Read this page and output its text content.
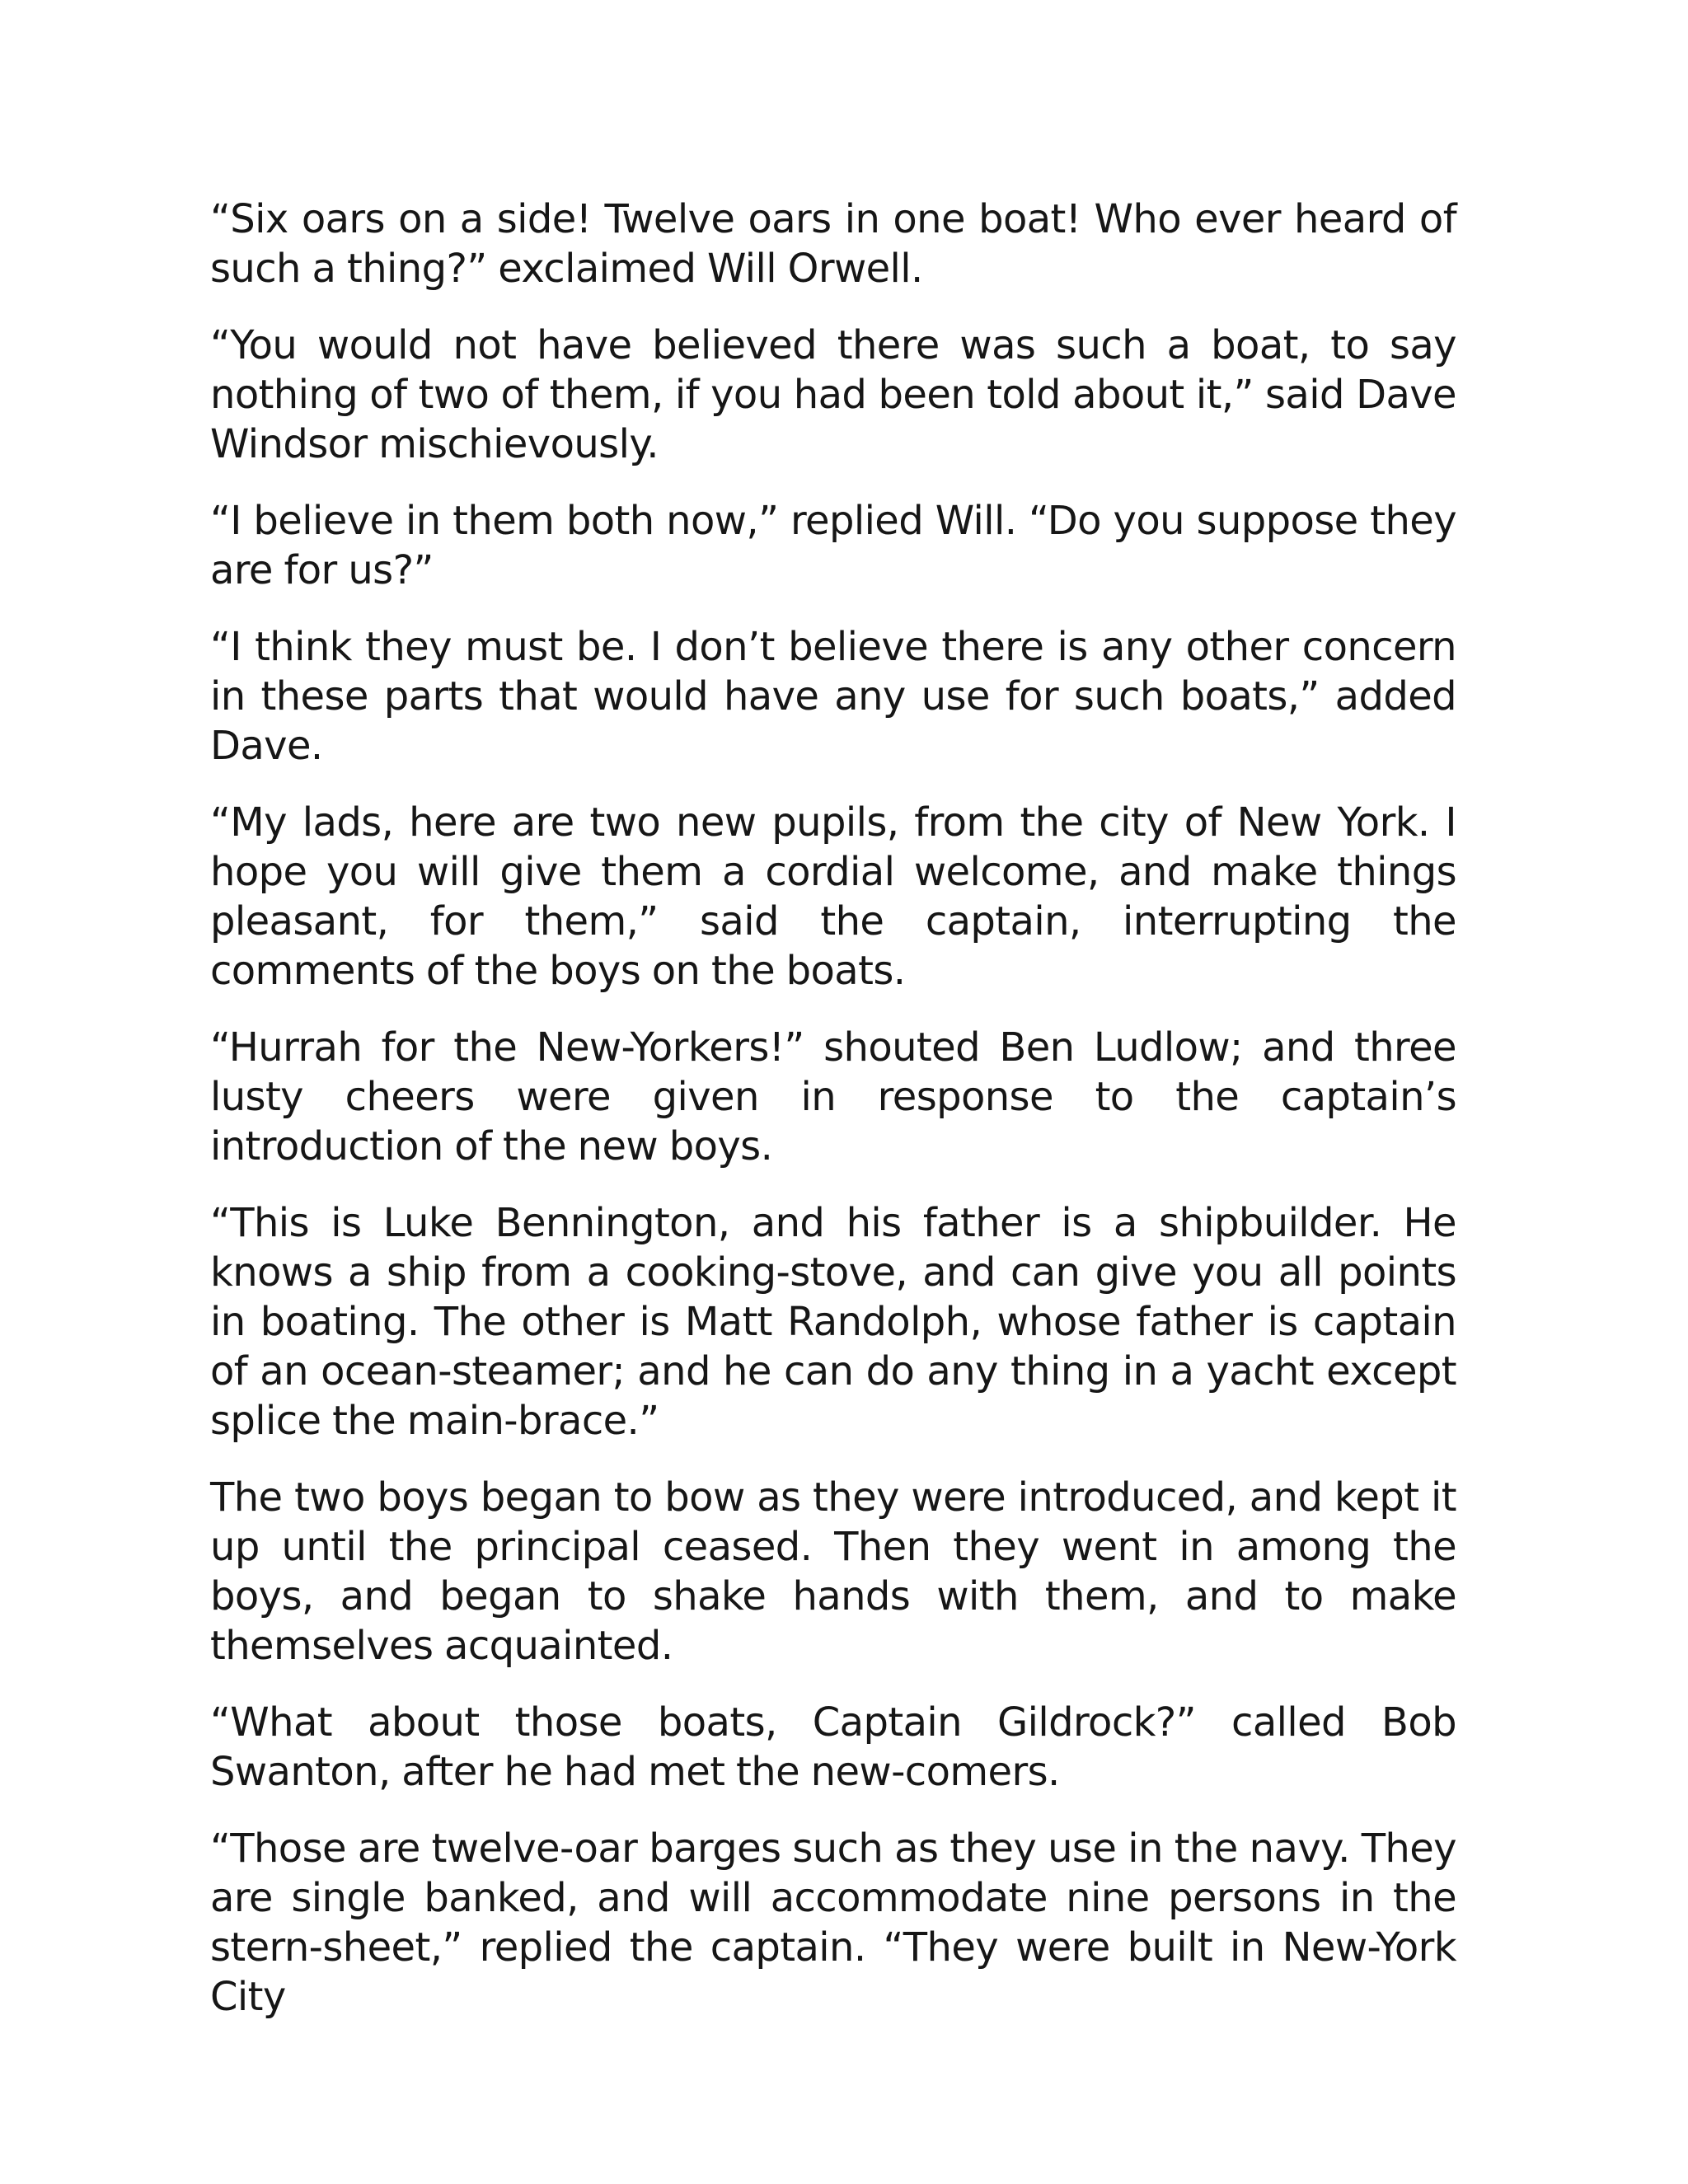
“Six oars on a side! Twelve oars in one boat! Who ever heard of such a thing?” exclaimed Will Orwell.

“You would not have believed there was such a boat, to say nothing of two of them, if you had been told about it,” said Dave Windsor mischievously.

“I believe in them both now,” replied Will. “Do you suppose they are for us?”

“I think they must be. I don’t believe there is any other concern in these parts that would have any use for such boats,” added Dave.

“My lads, here are two new pupils, from the city of New York. I hope you will give them a cordial welcome, and make things pleasant, for them,” said the captain, interrupting the comments of the boys on the boats.

“Hurrah for the New-Yorkers!” shouted Ben Ludlow; and three lusty cheers were given in response to the captain’s introduction of the new boys.

“This is Luke Bennington, and his father is a shipbuilder. He knows a ship from a cooking-stove, and can give you all points in boating. The other is Matt Randolph, whose father is captain of an ocean-steamer; and he can do any thing in a yacht except splice the main-brace.”

The two boys began to bow as they were introduced, and kept it up until the principal ceased. Then they went in among the boys, and began to shake hands with them, and to make themselves acquainted.

“What about those boats, Captain Gildrock?” called Bob Swanton, after he had met the new-comers.

“Those are twelve-oar barges such as they use in the navy. They are single banked, and will accommodate nine persons in the stern-sheet,” replied the captain. “They were built in New-York City
